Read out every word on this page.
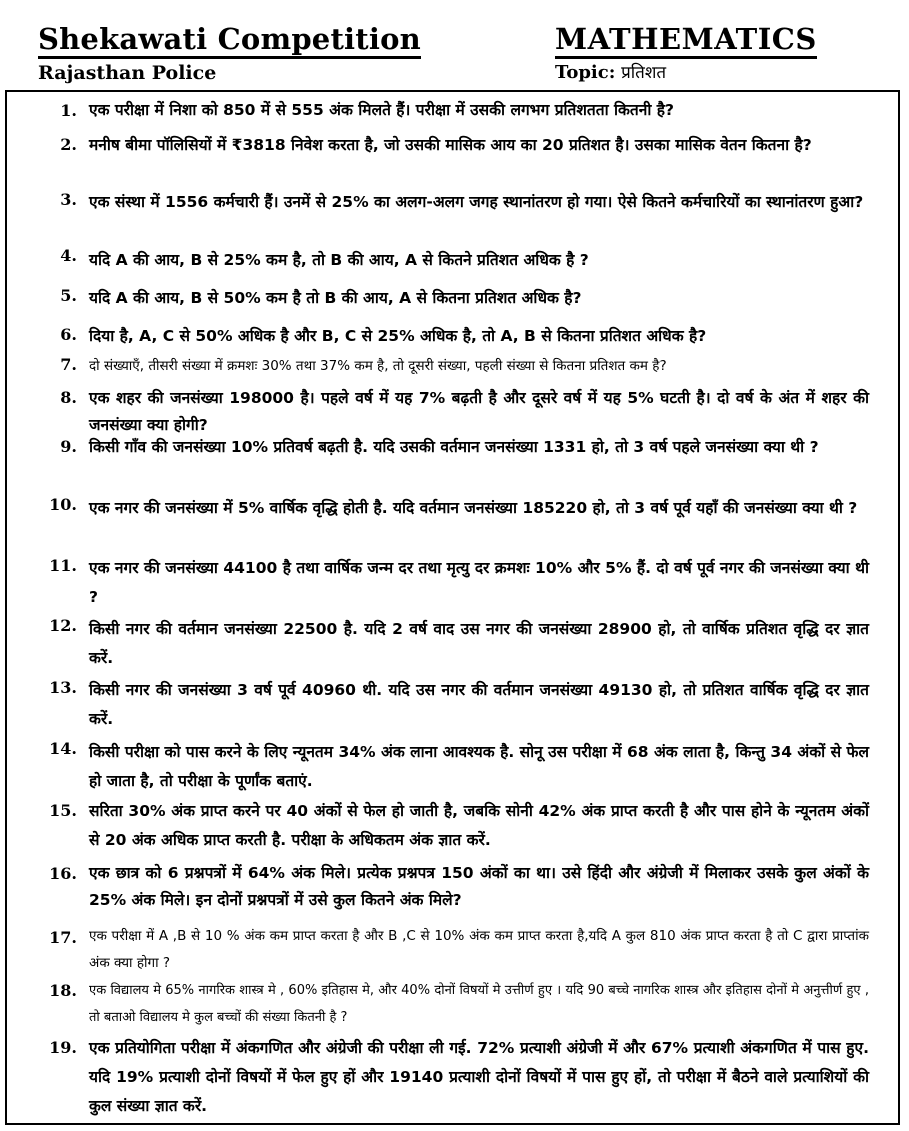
Shekawati Competition
Rajasthan Police
MATHEMATICS
Topic: प्रतिशत
1. एक परीक्षा में निशा को 850 में से 555 अंक मिलते हैं। परीक्षा में उसकी लगभग प्रतिशतता कितनी है?
2. मनीष बीमा पॉलिसियों में ₹3818 निवेश करता है, जो उसकी मासिक आय का 20 प्रतिशत है। उसका मासिक वेतन कितना है?
3. एक संस्था में 1556 कर्मचारी हैं। उनमें से 25% का अलग-अलग जगह स्थानांतरण हो गया। ऐसे कितने कर्मचारियों का स्थानांतरण हुआ?
4. यदि A की आय, B से 25% कम है, तो B की आय, A से कितने प्रतिशत अधिक है ?
5. यदि A की आय, B से 50% कम है तो B की आय, A से कितना प्रतिशत अधिक है?
6. दिया है, A, C से 50% अधिक है और B, C से 25% अधिक है, तो A, B से कितना प्रतिशत अधिक है?
7. दो संख्याएँ, तीसरी संख्या में क्रमशः 30% तथा 37% कम है, तो दूसरी संख्या, पहली संख्या से कितना प्रतिशत कम है?
8. एक शहर की जनसंख्या 198000 है। पहले वर्ष में यह 7% बढ़ती है और दूसरे वर्ष में यह 5% घटती है। दो वर्ष के अंत में शहर की जनसंख्या क्या होगी?
9. किसी गाँव की जनसंख्या 10% प्रतिवर्ष बढ़ती है. यदि उसकी वर्तमान जनसंख्या 1331 हो, तो 3 वर्ष पहले जनसंख्या क्या थी ?
10. एक नगर की जनसंख्या में 5% वार्षिक वृद्धि होती है. यदि वर्तमान जनसंख्या 185220 हो, तो 3 वर्ष पूर्व यहाँ की जनसंख्या क्या थी ?
11. एक नगर की जनसंख्या 44100 है तथा वार्षिक जन्म दर तथा मृत्यु दर क्रमशः 10% और 5% हैं. दो वर्ष पूर्व नगर की जनसंख्या क्या थी ?
12. किसी नगर की वर्तमान जनसंख्या 22500 है. यदि 2 वर्ष वाद उस नगर की जनसंख्या 28900 हो, तो वार्षिक प्रतिशत वृद्धि दर ज्ञात करें.
13. किसी नगर की जनसंख्या 3 वर्ष पूर्व 40960 थी. यदि उस नगर की वर्तमान जनसंख्या 49130 हो, तो प्रतिशत वार्षिक वृद्धि दर ज्ञात करें.
14. किसी परीक्षा को पास करने के लिए न्यूनतम 34% अंक लाना आवश्यक है. सोनू उस परीक्षा में 68 अंक लाता है, किन्तु 34 अंकों से फेल हो जाता है, तो परीक्षा के पूर्णांक बताएं.
15. सरिता 30% अंक प्राप्त करने पर 40 अंकों से फेल हो जाती है, जबकि सोनी 42% अंक प्राप्त करती है और पास होने के न्यूनतम अंकों से 20 अंक अधिक प्राप्त करती है. परीक्षा के अधिकतम अंक ज्ञात करें.
16. एक छात्र को 6 प्रश्नपत्रों में 64% अंक मिले। प्रत्येक प्रश्नपत्र 150 अंकों का था। उसे हिंदी और अंग्रेजी में मिलाकर उसके कुल अंकों के 25% अंक मिले। इन दोनों प्रश्नपत्रों में उसे कुल कितने अंक मिले?
17. एक परीक्षा में A ,B से 10 % अंक कम प्राप्त करता है और B ,C से 10% अंक कम प्राप्त करता है,यदि A कुल 810 अंक प्राप्त करता है तो C द्वारा प्राप्तांक अंक क्या होगा ?
18. एक विद्यालय मे 65% नागरिक शास्त्र मे , 60% इतिहास मे, और 40% दोनों विषयों मे उत्तीर्ण हुए । यदि 90 बच्चे नागरिक शास्त्र और इतिहास दोनों मे अनुत्तीर्ण हुए , तो बताओ विद्यालय मे कुल बच्चों की संख्या कितनी है ?
19. एक प्रतियोगिता परीक्षा में अंकगणित और अंग्रेजी की परीक्षा ली गई. 72% प्रत्याशी अंग्रेजी में और 67% प्रत्याशी अंकगणित में पास हुए. यदि 19% प्रत्याशी दोनों विषयों में फेल हुए हों और 19140 प्रत्याशी दोनों विषयों में पास हुए हों, तो परीक्षा में बैठने वाले प्रत्याशियों की कुल संख्या ज्ञात करें.
